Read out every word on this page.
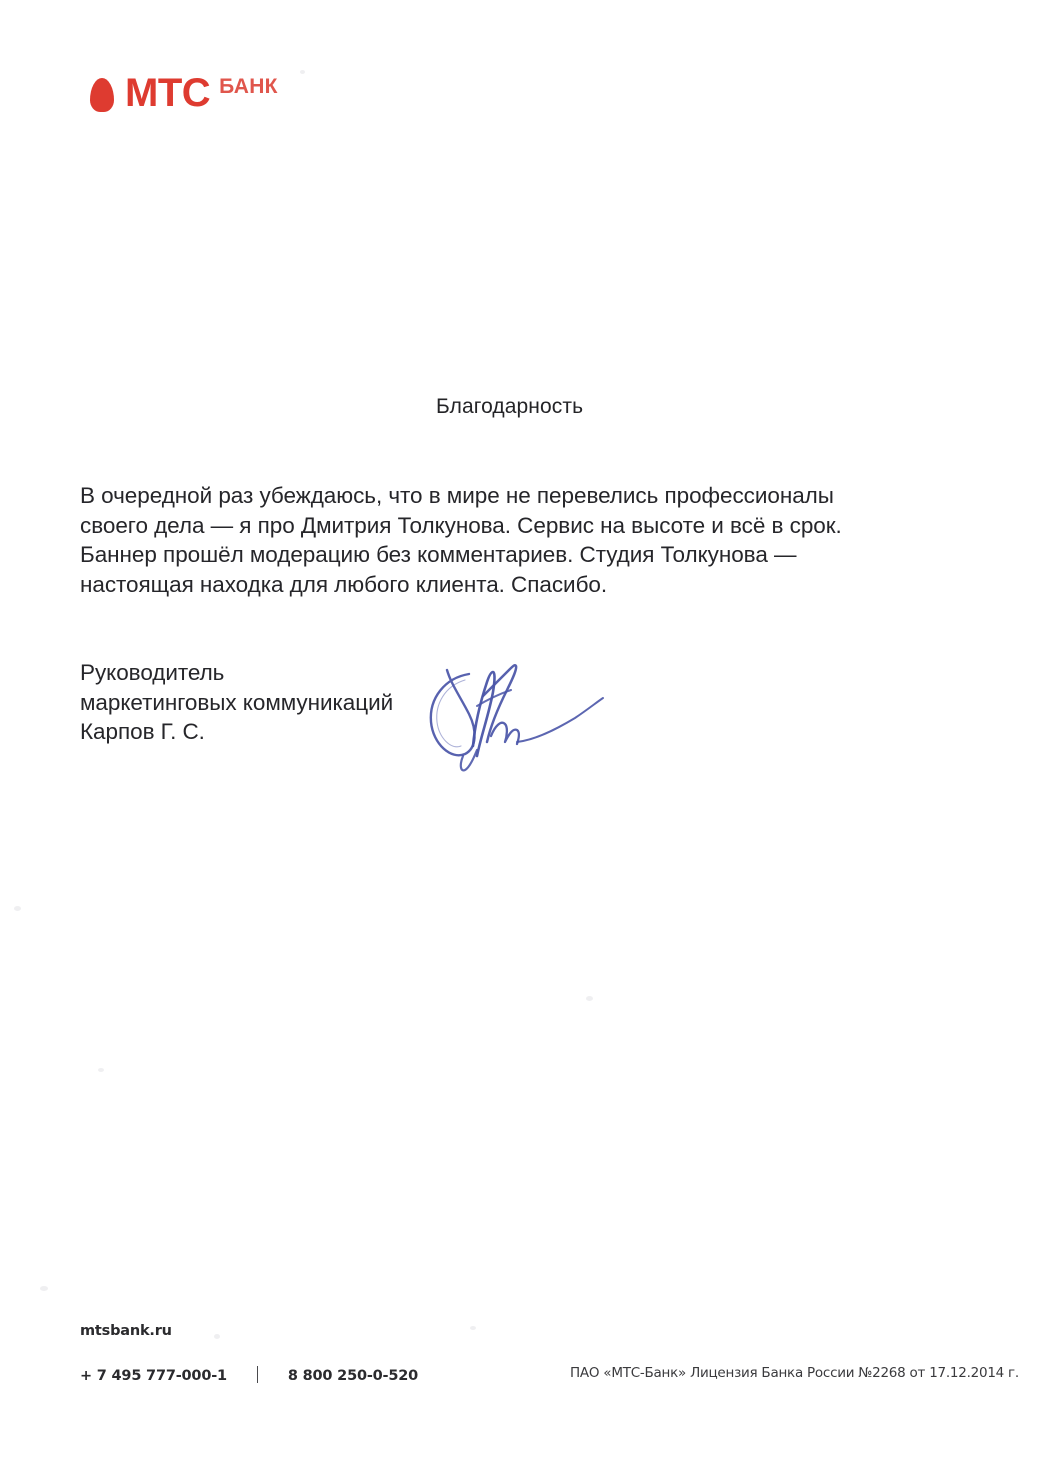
МТС БАНК
Благодарность
В очередной раз убеждаюсь, что в мире не перевелись профессионалы
своего дела — я про Дмитрия Толкунова. Сервис на высоте и всё в срок.
Баннер прошёл модерацию без комментариев. Студия Толкунова —
настоящая находка для любого клиента. Спасибо.
Руководитель
маркетинговых коммуникаций
Карпов Г. С.
mtsbank.ru
+ 7 495 777-000-1	8 800 250-0-520	ПАО «МТС-Банк» Лицензия Банка России №2268 от 17.12.2014 г.
